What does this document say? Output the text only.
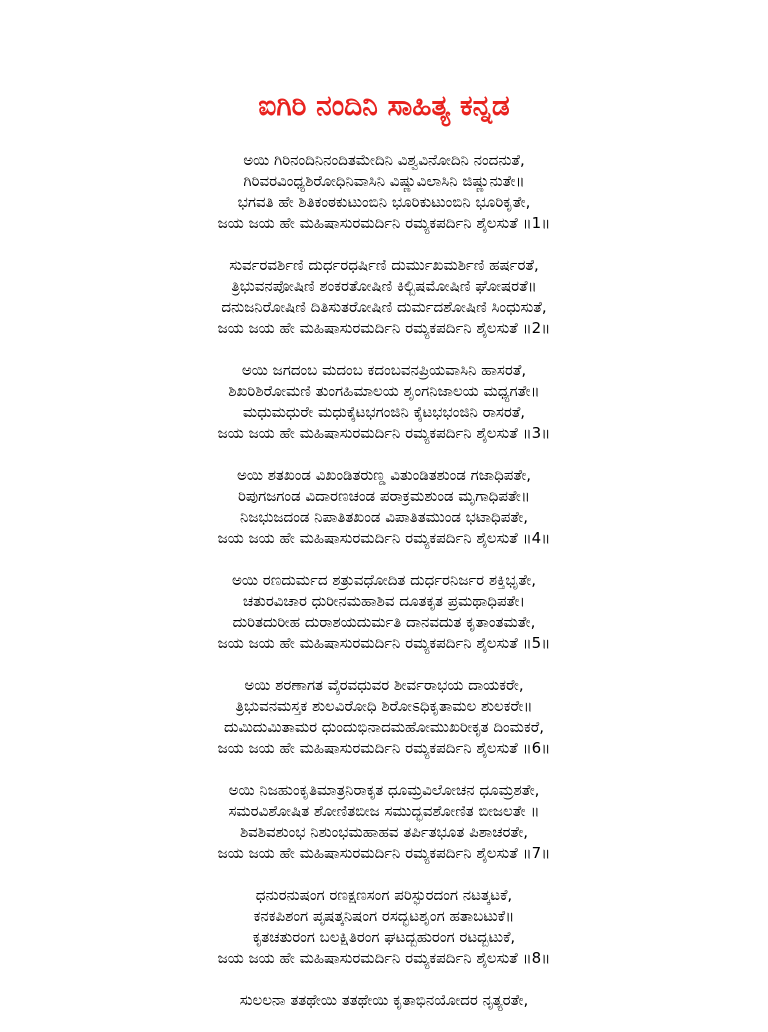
ಐಗಿರಿ ನಂದಿನಿ ಸಾಹಿತ್ಯ ಕನ್ನಡ
ಅಯಿ ಗಿರಿನಂದಿನಿನಂದಿತಮೇದಿನಿ ವಿಶ್ವವಿನೋದಿನಿ ನಂದನುತೆ,
ಗಿರಿವರವಿಂಧ್ಯಶಿರೋಧಿನಿವಾಸಿನಿ ವಿಷ್ಣುವಿಲಾಸಿನಿ ಜಿಷ್ಣುನುತೇ॥
ಭಗವತಿ ಹೇ ಶಿತಿಕಂಠಕುಟುಂಬಿನಿ ಭೂರಿಕುಟುಂಬಿನಿ ಭೂರಿಕೃತೇ,
ಜಯ ಜಯ ಹೇ ಮಹಿಷಾಸುರಮರ್ದಿನಿ ರಮ್ಯಕಪರ್ದಿನಿ ಶೈಲಸುತೆ ॥1॥
ಸುರ್ವರವರ್ಶಿಣಿ ದುರ್ಧರಧರ್ಷಿಣಿ ದುರ್ಮುಖಮರ್ಶಿಣಿ ಹರ್ಷರತೆ,
ತ್ರಿಭುವನಪೋಷಿಣಿ ಶಂಕರತೋಷಿಣಿ ಕಿಲ್ಬಿಷಮೋಷಿಣಿ ಘೋಷರತೆ॥
ದನುಜನಿರೋಷಿಣಿ ದಿತಿಸುತರೋಷಿಣಿ ದುರ್ಮದಶೋಷಿಣಿ ಸಿಂಧುಸುತೆ,
ಜಯ ಜಯ ಹೇ ಮಹಿಷಾಸುರಮರ್ದಿನಿ ರಮ್ಯಕಪರ್ದಿನಿ ಶೈಲಸುತೆ ॥2॥
ಅಯಿ ಜಗದಂಬ ಮದಂಬ ಕದಂಬವನಪ್ರಿಯವಾಸಿನಿ ಹಾಸರತೆ,
ಶಿಖರಿಶಿರೋಮಣಿ ತುಂಗಹಿಮಾಲಯ ಶೃಂಗನಿಜಾಲಯ ಮಧ್ಯಗತೇ॥
ಮಧುಮಧುರೇ ಮಧುಕೈಟಭಗಂಜಿನಿ ಕೈಟಭಭಂಜಿನಿ ರಾಸರತೆ,
ಜಯ ಜಯ ಹೇ ಮಹಿಷಾಸುರಮರ್ದಿನಿ ರಮ್ಯಕಪರ್ದಿನಿ ಶೈಲಸುತೆ ॥3॥
ಅಯಿ ಶತಖಂಡ ವಿಖಂಡಿತರುಣ್ಡ ವಿತುಂಡಿತಶುಂಡ ಗಜಾಧಿಪತೇ,
ರಿಪುಗಜಗಂಡ ವಿದಾರಣಚಂಡ ಪರಾಕ್ರಮಶುಂಡ ಮೃಗಾಧಿಪತೇ॥
ನಿಜಭುಜದಂಡ ನಿಪಾತಿತಖಂಡ ವಿಪಾತಿತಮುಂಡ ಭಟಾಧಿಪತೇ,
ಜಯ ಜಯ ಹೇ ಮಹಿಷಾಸುರಮರ್ದಿನಿ ರಮ್ಯಕಪರ್ದಿನಿ ಶೈಲಸುತೆ ॥4॥
ಅಯಿ ರಣದುರ್ಮದ ಶತ್ರುವಧೋದಿತ ದುರ್ಧರನಿರ್ಜರ ಶಕ್ತಿಭೃತೇ,
ಚತುರವಿಚಾರ ಧುರೀನಮಹಾಶಿವ ದೂತಕೃತ ಪ್ರಮಥಾಧಿಪತೇ।
ದುರಿತದುರೀಹ ದುರಾಶಯದುರ್ಮತಿ ದಾನವದುತ ಕೃತಾಂತಮತೇ,
ಜಯ ಜಯ ಹೇ ಮಹಿಷಾಸುರಮರ್ದಿನಿ ರಮ್ಯಕಪರ್ದಿನಿ ಶೈಲಸುತೆ ॥5॥
ಅಯಿ ಶರಣಾಗತ ವೈರವಧುವರ ಶೀರ್ವರಾಭಯ ದಾಯಕರೇ,
ತ್ರಿಭುವನಮಸ್ತಕ ಶುಲವಿರೋಧಿ ಶಿರೋಽಧಿಕೃತಾಮಲ ಶುಲಕರೇ॥
ದುಮಿದುಮಿತಾಮರ ಧುಂದುಭಿನಾದಮಹೋಮುಖರೀಕೃತ ದಿಂಮಕರೆ,
ಜಯ ಜಯ ಹೇ ಮಹಿಷಾಸುರಮರ್ದಿನಿ ರಮ್ಯಕಪರ್ದಿನಿ ಶೈಲಸುತೆ ॥6॥
ಅಯಿ ನಿಜಹುಂಕೃತಿಮಾತ್ರನಿರಾಕೃತ ಧೂಮ್ರವಿಲೋಚನ ಧೂಮ್ರಶತೇ,
ಸಮರವಿಶೋಷಿತ ಶೋಣಿತಬೀಜ ಸಮುದ್ಭವಶೋಣಿತ ಬೀಜಲತೇ ॥
ಶಿವಶಿವಶುಂಭ ನಿಶುಂಭಮಹಾಹವ ತರ್ಪಿತಭೂತ ಪಿಶಾಚರತೇ,
ಜಯ ಜಯ ಹೇ ಮಹಿಷಾಸುರಮರ್ದಿನಿ ರಮ್ಯಕಪರ್ದಿನಿ ಶೈಲಸುತೆ ॥7॥
ಧನುರನುಷಂಗ ರಣಕ್ಷಣಸಂಗ ಪರಿಸ್ಫುರದಂಗ ನಟತ್ಕಟಕೆ,
ಕನಕಪಿಶಂಗ ಪೃಷತ್ಕನಿಷಂಗ ರಸದ್ಭಟಶೃಂಗ ಹತಾಬಟುಕೆ॥
ಕೃತಚತುರಂಗ ಬಲಕ್ಷಿತಿರಂಗ ಘಟದ್ಬಹುರಂಗ ರಟದ್ಬಟುಕೆ,
ಜಯ ಜಯ ಹೇ ಮಹಿಷಾಸುರಮರ್ದಿನಿ ರಮ್ಯಕಪರ್ದಿನಿ ಶೈಲಸುತೆ ॥8॥
ಸುಲಲನಾ ತತಥೇಯಿ ತತಥೇಯಿ ಕೃತಾಭಿನಯೋದರ ನೃತ್ಯರತೇ,
